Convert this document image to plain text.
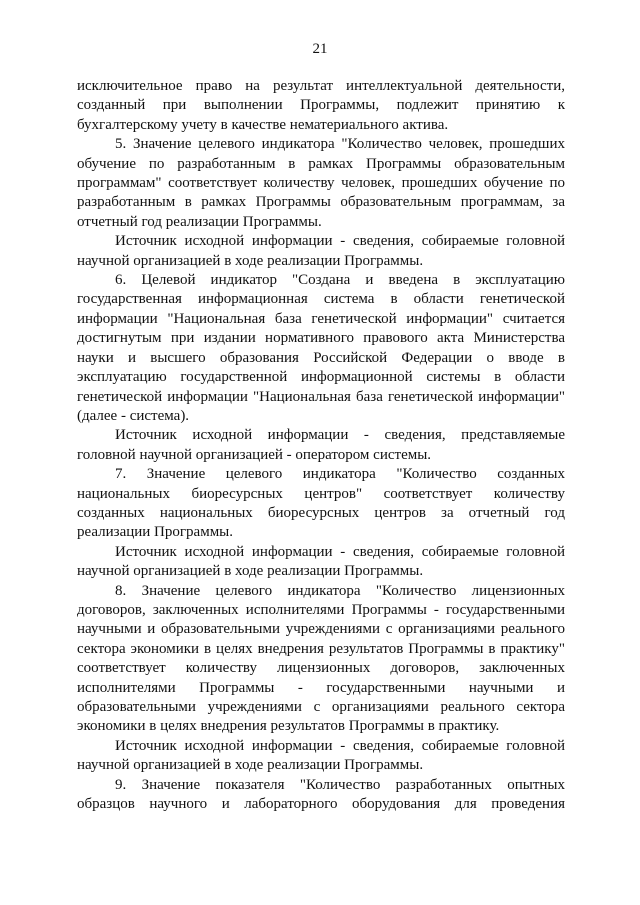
21

исключительное право на результат интеллектуальной деятельности, созданный при выполнении Программы, подлежит принятию к бухгалтерскому учету в качестве нематериального актива.

5. Значение целевого индикатора "Количество человек, прошедших обучение по разработанным в рамках Программы образовательным программам" соответствует количеству человек, прошедших обучение по разработанным в рамках Программы образовательным программам, за отчетный год реализации Программы.

Источник исходной информации - сведения, собираемые головной научной организацией в ходе реализации Программы.

6. Целевой индикатор "Создана и введена в эксплуатацию государственная информационная система в области генетической информации "Национальная база генетической информации" считается достигнутым при издании нормативного правового акта Министерства науки и высшего образования Российской Федерации о вводе в эксплуатацию государственной информационной системы в области генетической информации "Национальная база генетической информации" (далее - система).

Источник исходной информации - сведения, представляемые головной научной организацией - оператором системы.

7. Значение целевого индикатора "Количество созданных национальных биоресурсных центров" соответствует количеству созданных национальных биоресурсных центров за отчетный год реализации Программы.

Источник исходной информации - сведения, собираемые головной научной организацией в ходе реализации Программы.

8. Значение целевого индикатора "Количество лицензионных договоров, заключенных исполнителями Программы - государственными научными и образовательными учреждениями с организациями реального сектора экономики в целях внедрения результатов Программы в практику" соответствует количеству лицензионных договоров, заключенных исполнителями Программы - государственными научными и образовательными учреждениями с организациями реального сектора экономики в целях внедрения результатов Программы в практику.

Источник исходной информации - сведения, собираемые головной научной организацией в ходе реализации Программы.

9. Значение показателя "Количество разработанных опытных образцов научного и лабораторного оборудования для проведения
